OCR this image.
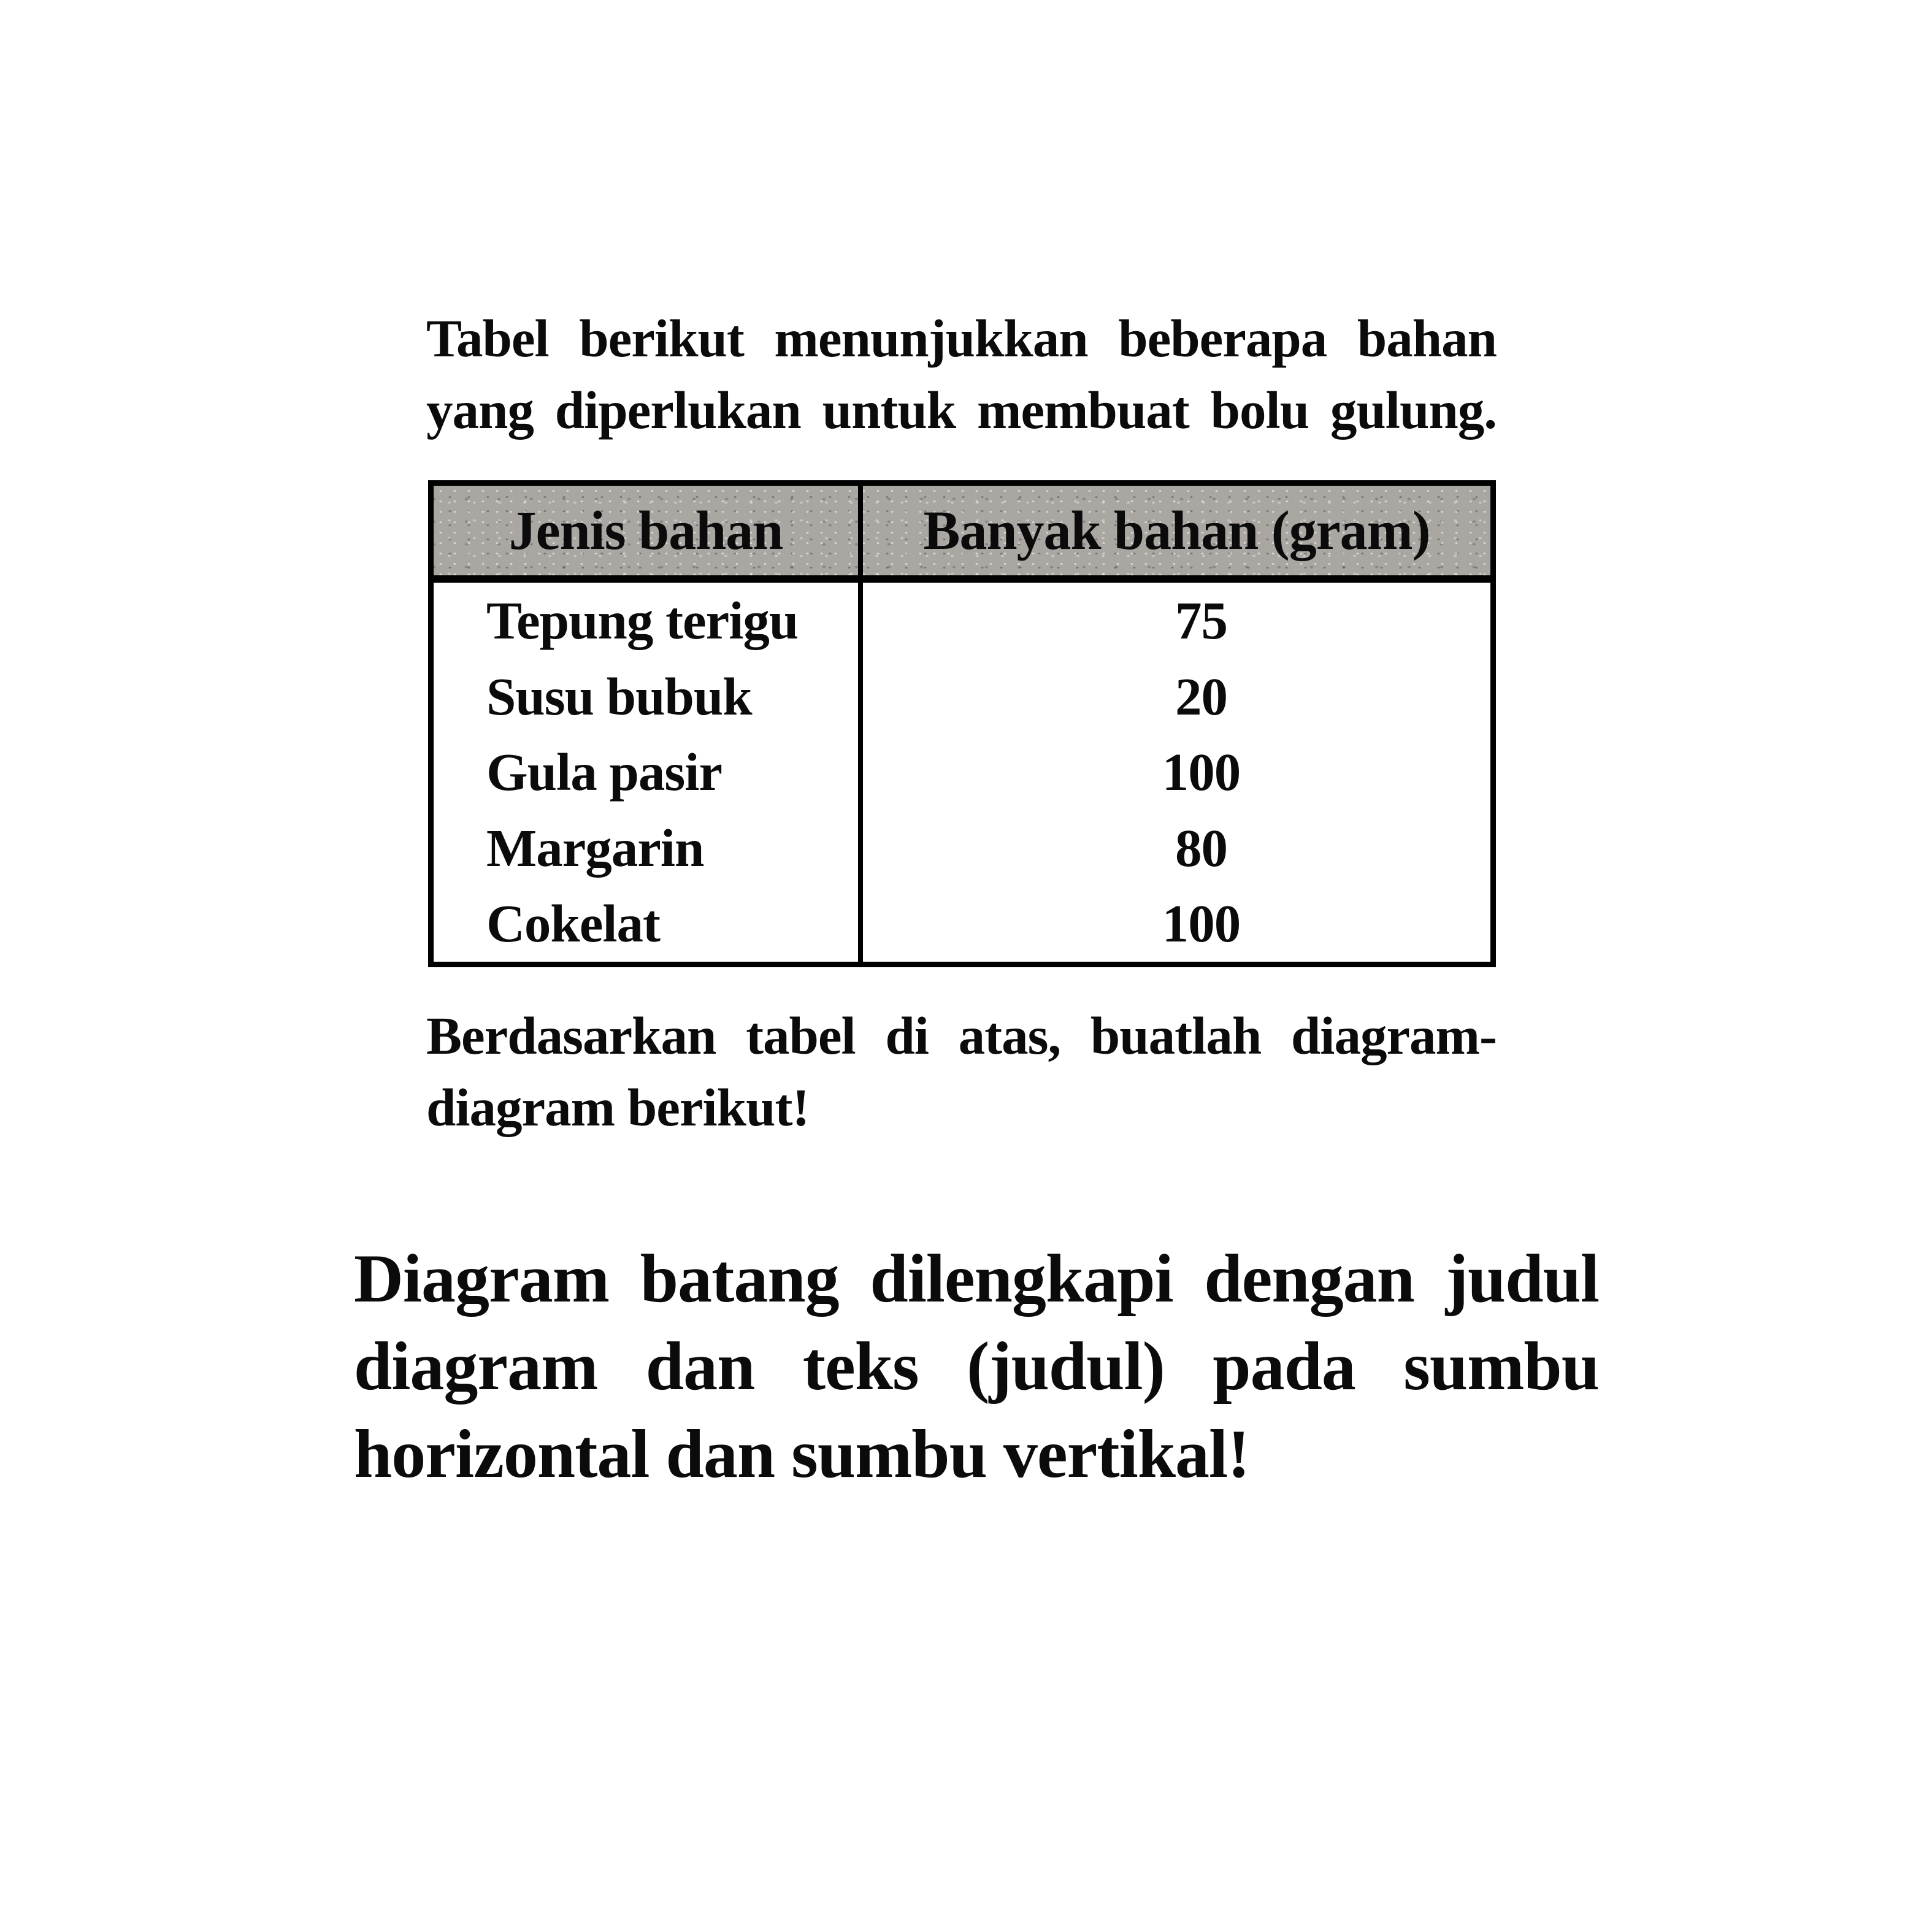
Tabel berikut menunjukkan beberapa bahan
yang diperlukan untuk membuat bolu gulung.
Jenis bahan	Banyak bahan (gram)
Tepung terigu	75
Susu bubuk	20
Gula pasir	100
Margarin	80
Cokelat	100
Berdasarkan tabel di atas, buatlah diagram-
diagram berikut!
Diagram batang dilengkapi dengan judul
diagram dan teks (judul) pada sumbu
horizontal dan sumbu vertikal!
